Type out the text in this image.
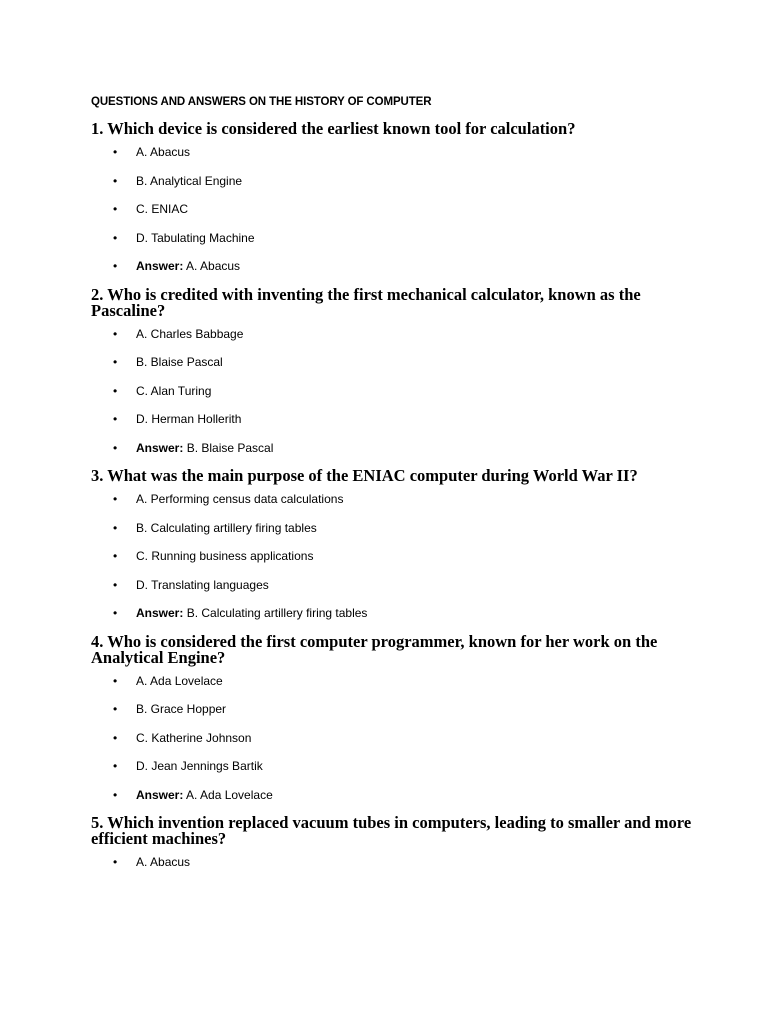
QUESTIONS AND ANSWERS ON THE HISTORY OF COMPUTER
1. Which device is considered the earliest known tool for calculation?
• A. Abacus
• B. Analytical Engine
• C. ENIAC
• D. Tabulating Machine
• Answer: A. Abacus
2. Who is credited with inventing the first mechanical calculator, known as the Pascaline?
• A. Charles Babbage
• B. Blaise Pascal
• C. Alan Turing
• D. Herman Hollerith
• Answer: B. Blaise Pascal
3. What was the main purpose of the ENIAC computer during World War II?
• A. Performing census data calculations
• B. Calculating artillery firing tables
• C. Running business applications
• D. Translating languages
• Answer: B. Calculating artillery firing tables
4. Who is considered the first computer programmer, known for her work on the Analytical Engine?
• A. Ada Lovelace
• B. Grace Hopper
• C. Katherine Johnson
• D. Jean Jennings Bartik
• Answer: A. Ada Lovelace
5. Which invention replaced vacuum tubes in computers, leading to smaller and more efficient machines?
• A. Abacus
